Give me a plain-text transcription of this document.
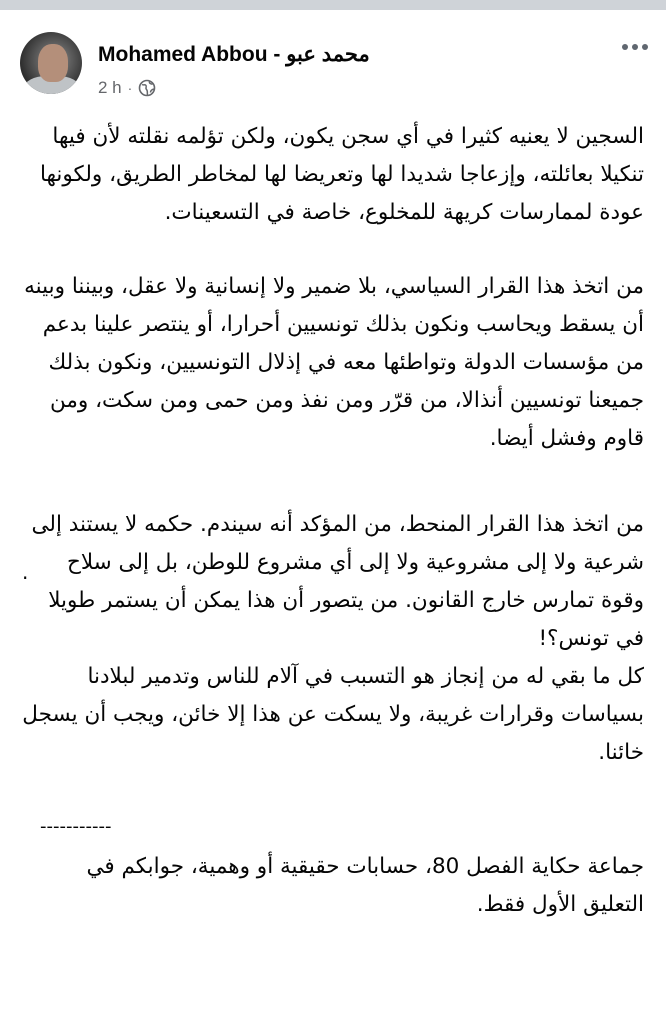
Mohamed Abbou - محمد عبو
2 h ·

السجين لا يعنيه كثيرا في أي سجن يكون، ولكن تؤلمه نقلته لأن فيها تنكيلا بعائلته، وإزعاجا شديدا لها وتعريضا لها لمخاطر الطريق، ولكونها عودة لممارسات كريهة للمخلوع، خاصة في التسعينات.

من اتخذ هذا القرار السياسي، بلا ضمير ولا إنسانية ولا عقل، وبيننا وبينه أن يسقط ويحاسب ونكون بذلك تونسيين أحرارا، أو ينتصر علينا بدعم من مؤسسات الدولة وتواطئها معه في إذلال التونسيين، ونكون بذلك جميعنا تونسيين أنذالا، من قرّر ومن نفذ ومن حمى ومن سكت، ومن قاوم وفشل أيضا.

من اتخذ هذا القرار المنحط، من المؤكد أنه سيندم. حكمه لا يستند إلى شرعية ولا إلى مشروعية ولا إلى أي مشروع للوطن، بل إلى سلاح وقوة تمارس خارج القانون. من يتصور أن هذا يمكن أن يستمر طويلا في تونس؟!

كل ما بقي له من إنجاز هو التسبب في آلام للناس وتدمير لبلادنا بسياسات وقرارات غريبة، ولا يسكت عن هذا إلا خائن، ويجب أن يسجل خائنا.

-----------

جماعة حكاية الفصل 80، حسابات حقيقية أو وهمية، جوابكم في التعليق الأول فقط.

.
